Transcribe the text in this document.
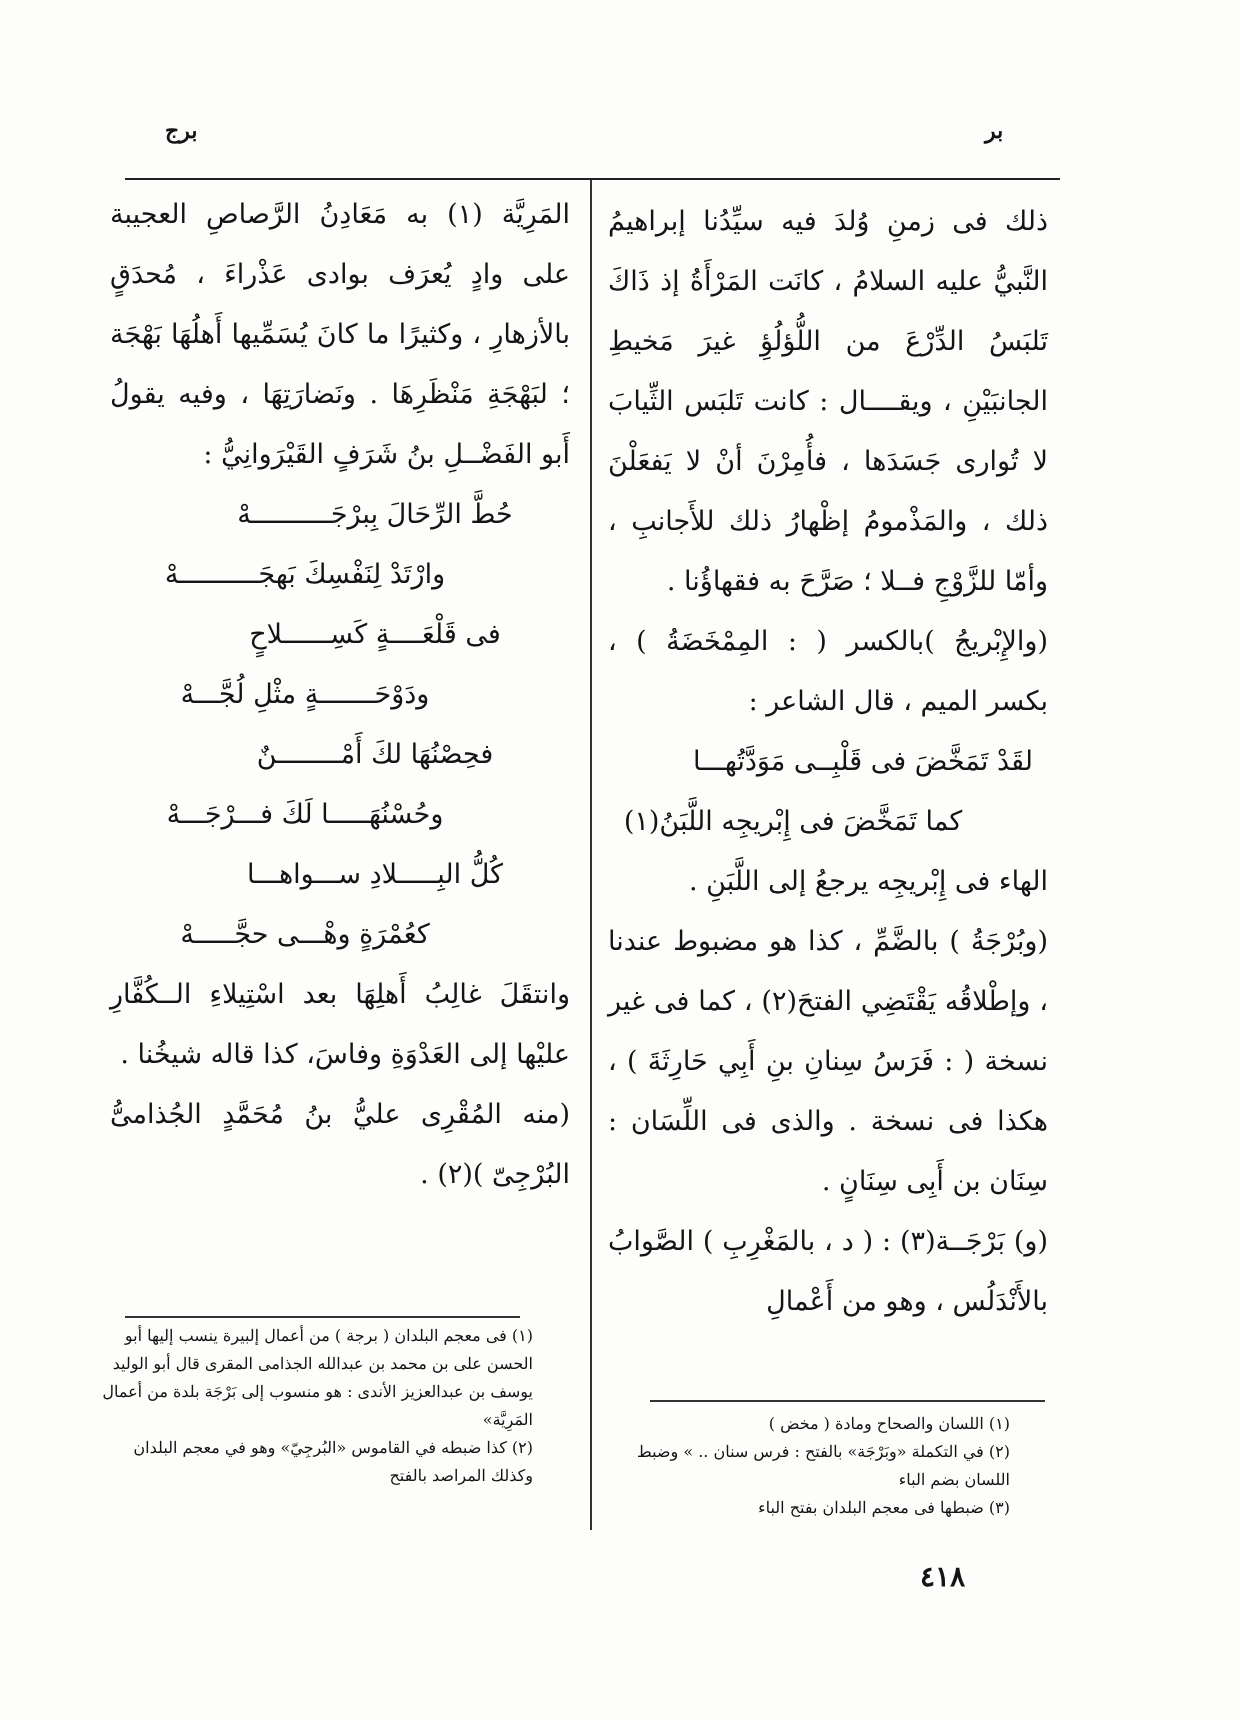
برج	بر

ذلك فى زمنِ وُلدَ فيه سيِّدُنا إبراهيمُ النَّبيُّ عليه السلامُ ، كانَت المَرْأَةُ إذ ذَاكَ تَلبَسُ الدِّرْعَ من اللُّؤلُؤِ غيرَ مَخيطِ الجانبَيْنِ ، ويقــــال : كانت تَلبَس الثِّيابَ لا تُوارى جَسَدَها ، فأُمِرْنَ أنْ لا يَفعَلْنَ ذلك ، والمَذْمومُ إظْهارُ ذلك للأَجانبِ ، وأمّا للزَّوْجِ فــلا ؛ صَرَّحَ به فقهاؤُنا .

(والإِبْريجُ )بالكسر ( : المِمْخَضَةُ ) ، بكسر الميم ، قال الشاعر :

لقَدْ تَمَخَّضَ فى قَلْبِــى مَوَدَّتُهـــا
كما تَمَخَّضَ فى إِبْريجِه اللَّبَنُ(١)

الهاء فى إِبْريجِه يرجعُ إلى اللَّبَنِ .

(وبُرْجَةُ ) بالضَّمِّ ، كذا هو مضبوط عندنا ، وإطْلاقُه يَقْتَضِي الفتحَ(٢) ، كما فى غير نسخة ( : فَرَسُ سِنانِ بنِ أَبِي حَارِثَةَ ) ، هكذا فى نسخة . والذى فى اللِّسَان : سِنَان بن أَبِى سِنَانٍ .

(و) بَرْجَــة(٣) : ( د ، بالمَغْرِبِ ) الصَّوابُ بالأَنْدَلُس ، وهو من أَعْمالِ

المَرِيَّة (١) به مَعَادِنُ الرَّصاصِ العجيبة على وادٍ يُعرَف بوادى عَذْراءَ ، مُحدَقٍ بالأزهارِ ، وكثيرًا ما كانَ يُسَمِّيها أَهلُهَا بَهْجَة ؛ لبَهْجَةِ مَنْظَرِهَا . ونَضارَتِهَا ، وفيه يقولُ أَبو الفَضْــلِ بنُ شَرَفٍ القَيْرَوانِيُّ :

حُطَّ الرِّحَالَ بِبرْجَــــــــــهْ
وارْتَدْ لِنَفْسِكَ بَهجَــــــــــهْ
فى قَلْعَــــةٍ كَسِــــــلاحٍ
ودَوْحَـــــــةٍ مثْلِ لُجَّـــهْ
فحِصْنُهَا لكَ أَمْــــــــنٌ
وحُسْنُهَـــــا لَكَ فـــرْجَـــهْ
كُلُّ البِـــــلادِ ســـواهـــا
كعُمْرَةٍ وهْـــى حجَّـــــهْ

وانتقَلَ غالِبُ أَهلِهَا بعد اسْتِيلاءِ الــكُفَّارِ عليْها إلى العَدْوَةِ وفاسَ، كذا قاله شيخُنا .

(منه المُقْرِى عليُّ بنُ مُحَمَّدٍ الجُذامىُّ البُرْجِىّ )(٢) .

(١) فى معجم البلدان ( برجة ) من أعمال إلبيرة ينسب إليها أبو الحسن على بن محمد بن عبدالله الجذامى المقرى قال أبو الوليد يوسف بن عبدالعزيز الأندى : هو منسوب إلى بَرْجَة بلدة من أعمال المَرِيَّة»

(٢) كذا ضبطه في القاموس «البُرجِيّ» وهو في معجم البلدان وكذلك المراصد بالفتح

(١) اللسان والصحاح ومادة ( مخض )

(٢) في التكملة «وبَرْجَة» بالفتح : فرس سنان .. » وضبط اللسان بضم الباء

(٣) ضبطها فى معجم البلدان بفتح الباء

٤١٨
